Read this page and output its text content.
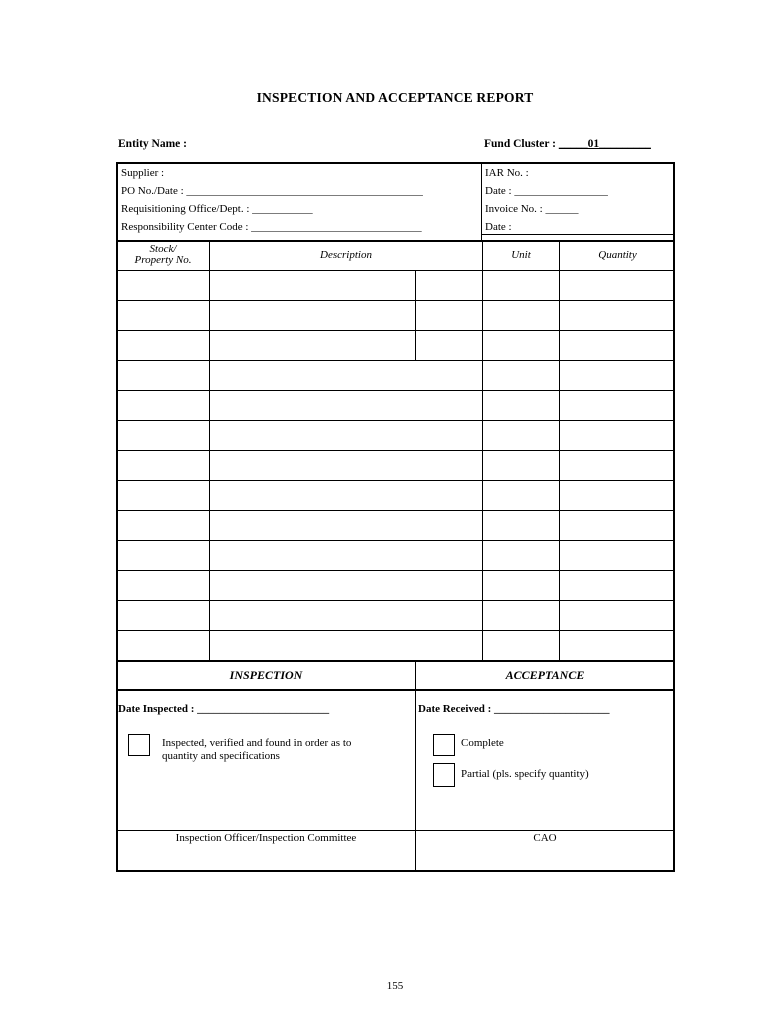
INSPECTION AND ACCEPTANCE REPORT
Entity Name :	Fund Cluster : _____01_________
Supplier :
PO No./Date : ___________________________________________
Requisitioning Office/Dept. : ___________
Responsibility Center Code : _______________________________
IAR No. :
Date : _________________
Invoice No. : ______
Date :
Stock/
Property No.	Description	Unit	Quantity
INSPECTION	ACCEPTANCE
Date Inspected : ________________________	Date Received : _____________________
Inspected, verified and found in order as to
quantity and specifications
Complete
Partial (pls. specify quantity)
Inspection Officer/Inspection Committee	CAO
155
